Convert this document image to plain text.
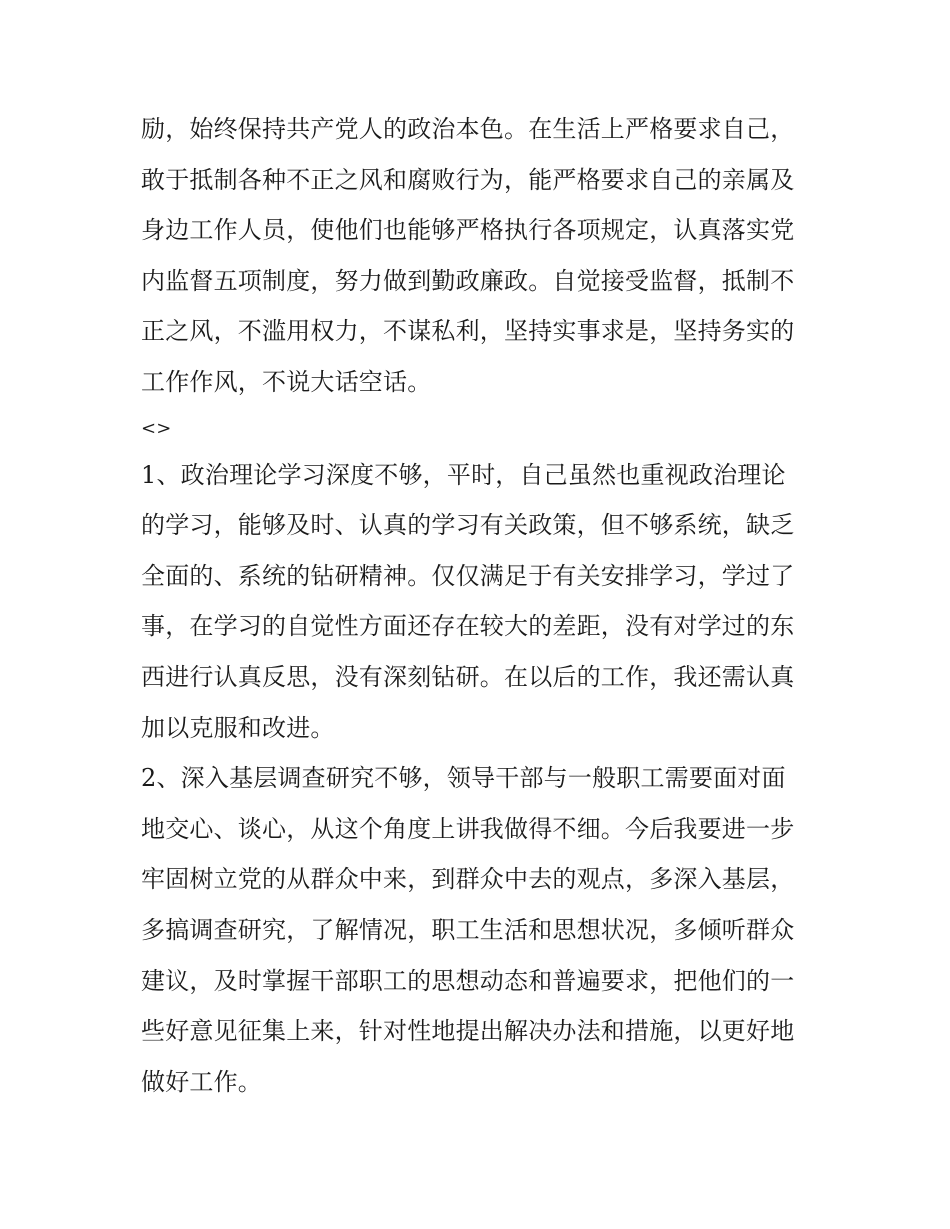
励，始终保持共产党人的政治本色。在生活上严格要求自己，
敢于抵制各种不正之风和腐败行为，能严格要求自己的亲属及
身边工作人员，使他们也能够严格执行各项规定，认真落实党
内监督五项制度，努力做到勤政廉政。自觉接受监督，抵制不
正之风，不滥用权力，不谋私利，坚持实事求是，坚持务实的
工作作风，不说大话空话。
<>
1、政治理论学习深度不够，平时，自己虽然也重视政治理论
的学习，能够及时、认真的学习有关政策，但不够系统，缺乏
全面的、系统的钻研精神。仅仅满足于有关安排学习，学过了
事，在学习的自觉性方面还存在较大的差距，没有对学过的东
西进行认真反思，没有深刻钻研。在以后的工作，我还需认真
加以克服和改进。
2、深入基层调查研究不够，领导干部与一般职工需要面对面
地交心、谈心，从这个角度上讲我做得不细。今后我要进一步
牢固树立党的从群众中来，到群众中去的观点，多深入基层，
多搞调查研究，了解情况，职工生活和思想状况，多倾听群众
建议，及时掌握干部职工的思想动态和普遍要求，把他们的一
些好意见征集上来，针对性地提出解决办法和措施，以更好地
做好工作。
